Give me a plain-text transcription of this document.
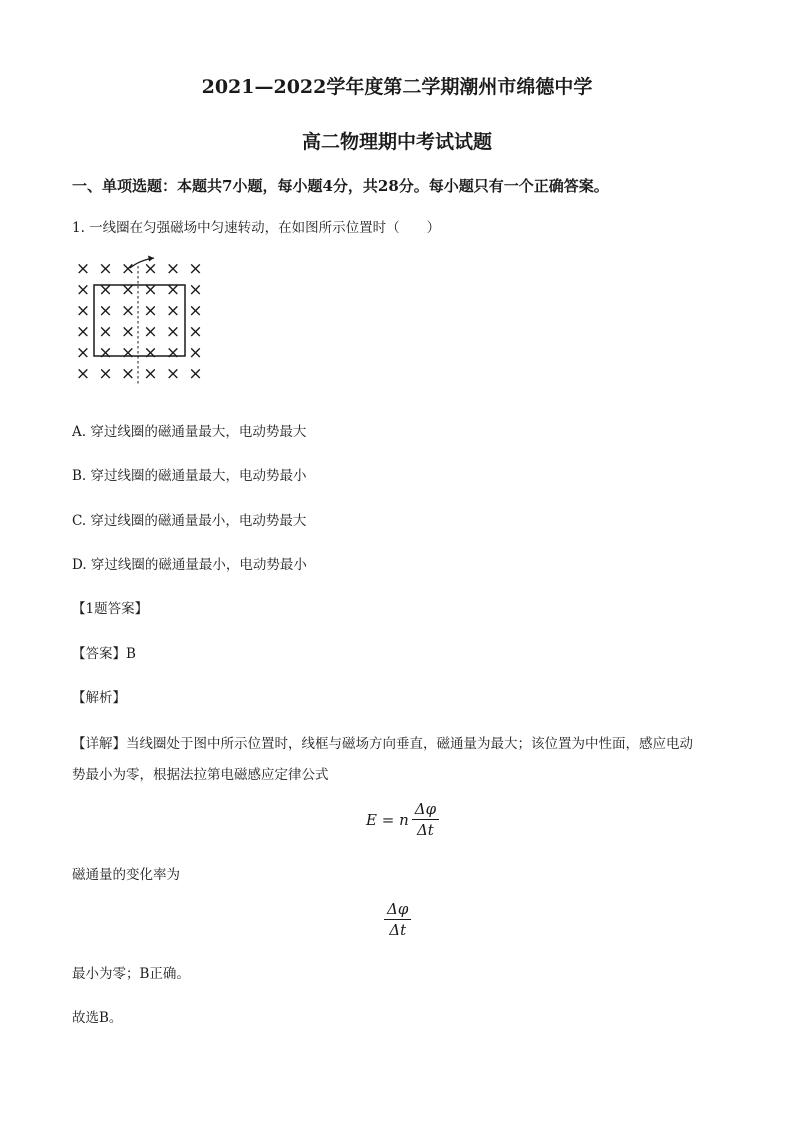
2021—2022学年度第二学期潮州市绵德中学
高二物理期中考试试题
一、单项选题：本题共7小题，每小题4分，共28分。每小题只有一个正确答案。
1. 一线圈在匀强磁场中匀速转动，在如图所示位置时（　　）
× × × × × ×
× × × × × ×
× × × × × ×
× × × × × ×
× × × × × ×
× × × × × ×
A. 穿过线圈的磁通量最大，电动势最大
B. 穿过线圈的磁通量最大，电动势最小
C. 穿过线圈的磁通量最小，电动势最大
D. 穿过线圈的磁通量最小，电动势最小
【1题答案】
【答案】B
【解析】
【详解】当线圈处于图中所示位置时，线框与磁场方向垂直，磁通量为最大；该位置为中性面，感应电动
势最小为零，根据法拉第电磁感应定律公式
E = n $\frac{\Delta\varphi}{\Delta t}$
磁通量的变化率为
$\frac{\Delta\varphi}{\Delta t}$
最小为零；B正确。
故选B。
